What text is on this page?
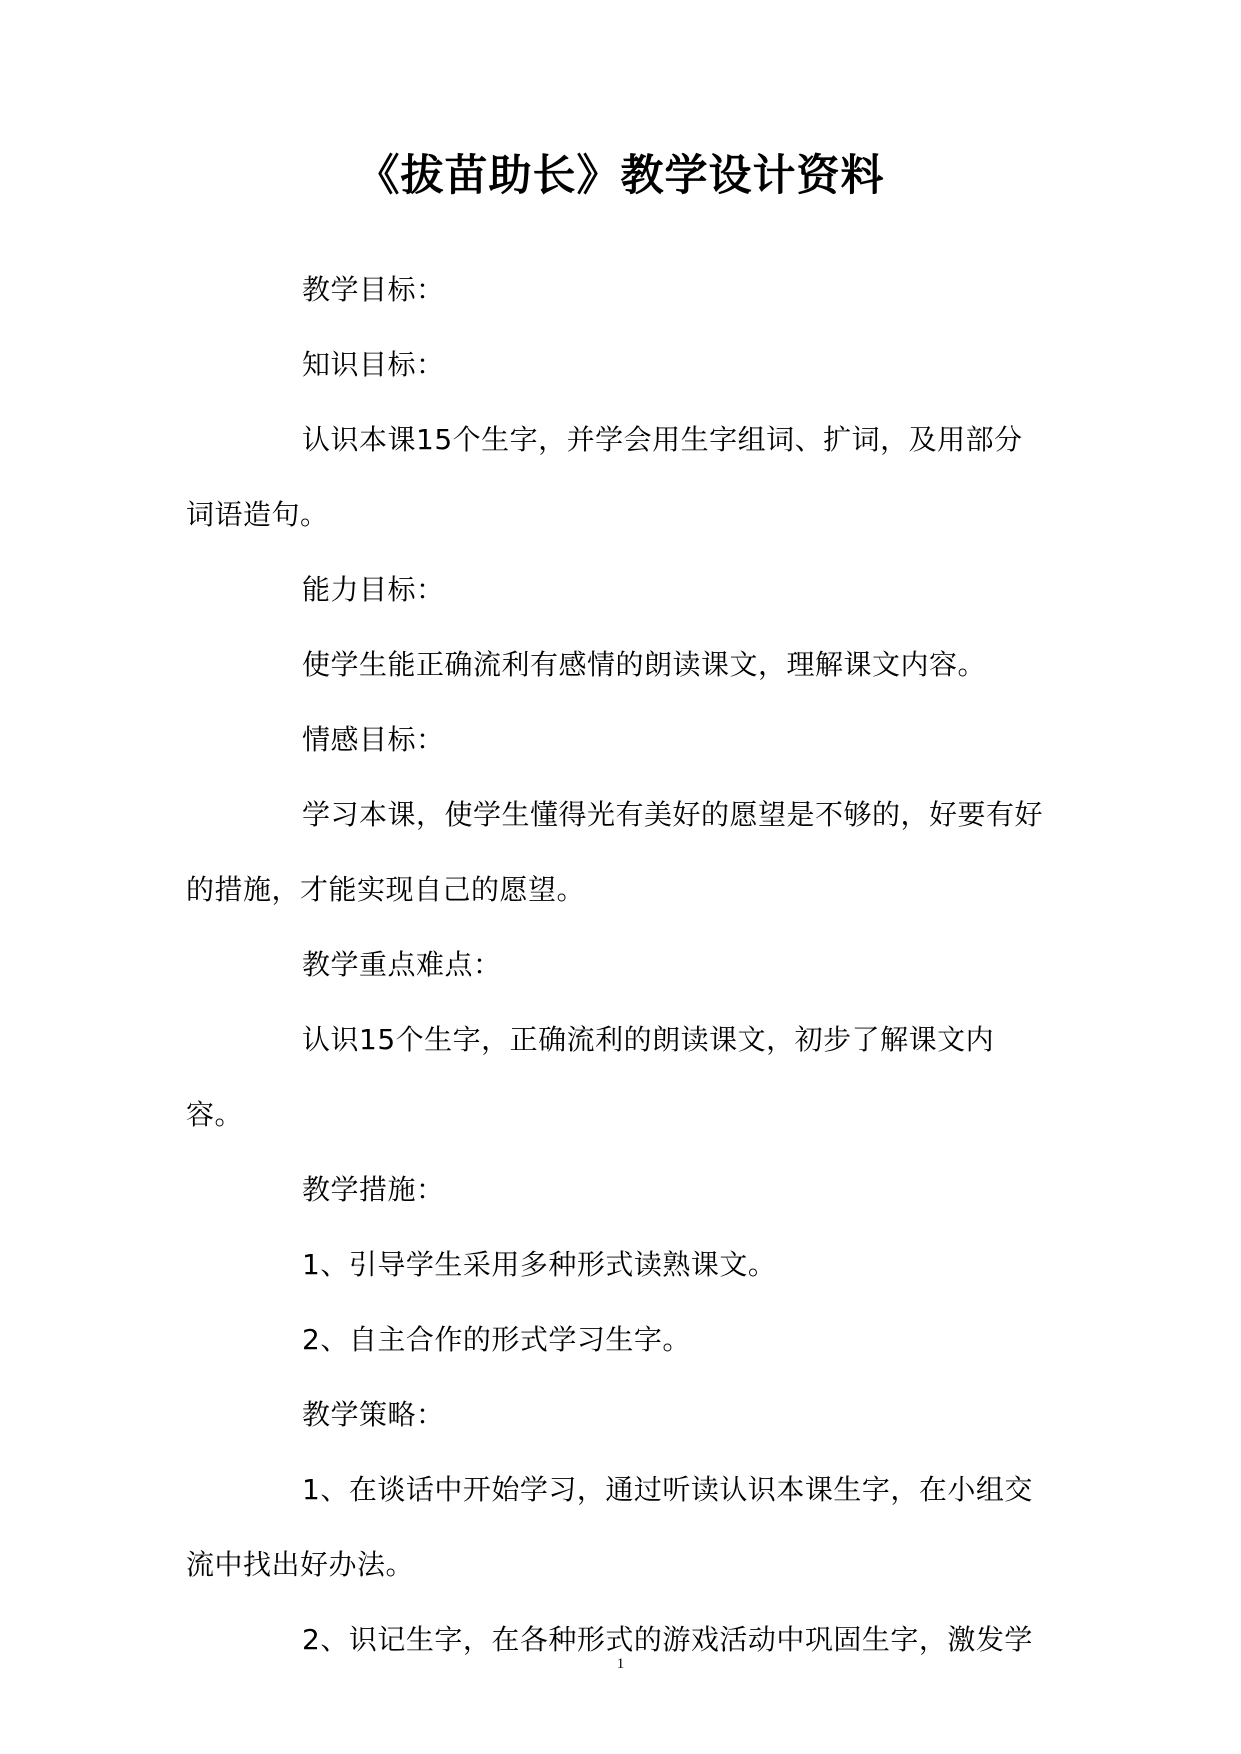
《拔苗助长》教学设计资料

教学目标：

知识目标：

认识本课15个生字，并学会用生字组词、扩词，及用部分词语造句。

能力目标：

使学生能正确流利有感情的朗读课文，理解课文内容。

情感目标：

学习本课，使学生懂得光有美好的愿望是不够的，好要有好的措施，才能实现自己的愿望。

教学重点难点：

认识15个生字，正确流利的朗读课文，初步了解课文内容。

教学措施：

1、引导学生采用多种形式读熟课文。

2、自主合作的形式学习生字。

教学策略：

1、在谈话中开始学习，通过听读认识本课生字，在小组交流中找出好办法。

2、识记生字，在各种形式的游戏活动中巩固生字，激发学

1
